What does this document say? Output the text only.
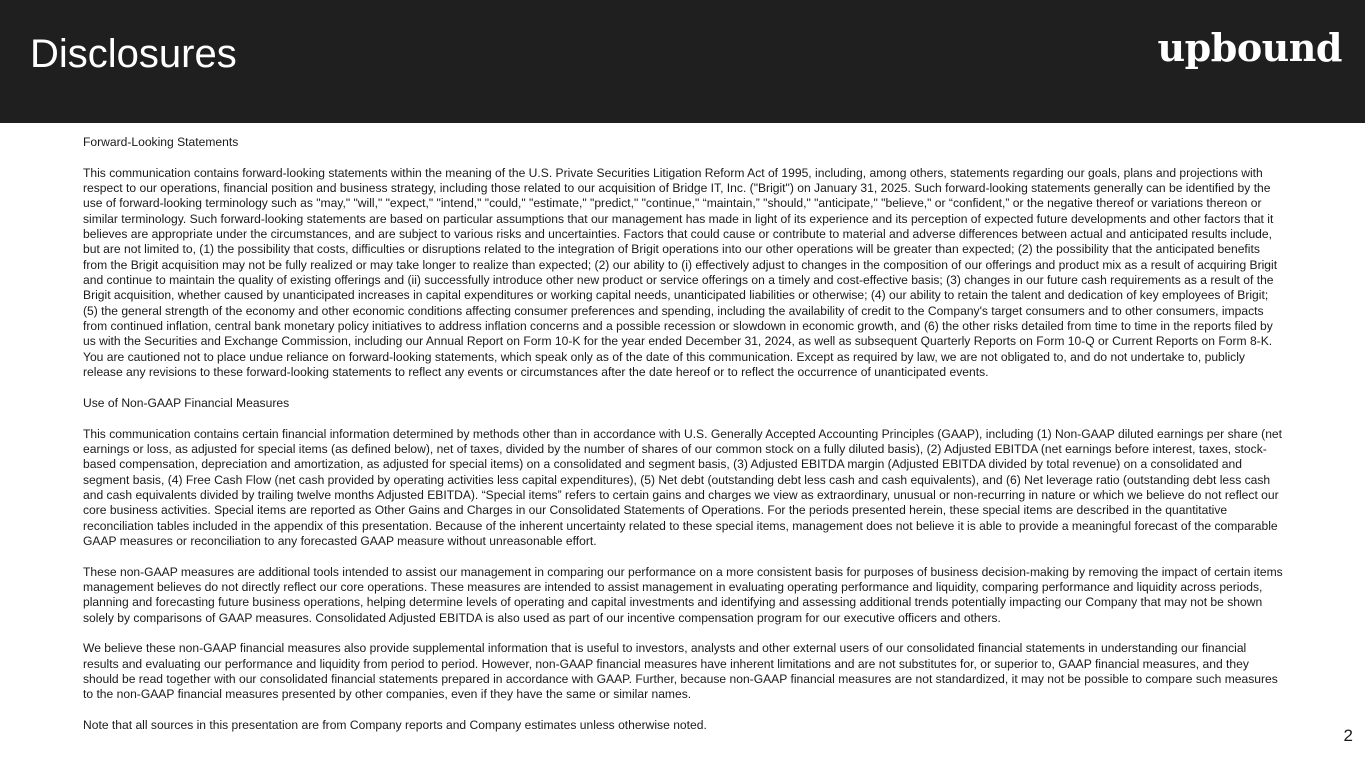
Disclosures	upbound

Forward-Looking Statements

This communication contains forward-looking statements within the meaning of the U.S. Private Securities Litigation Reform Act of 1995, including, among others, statements regarding our goals, plans and projections with respect to our operations, financial position and business strategy, including those related to our acquisition of Bridge IT, Inc. ("Brigit") on January 31, 2025. Such forward-looking statements generally can be identified by the use of forward-looking terminology such as "may," "will," "expect," "intend," "could," "estimate," "predict," "continue," “maintain,” "should," "anticipate," "believe," or “confident,” or the negative thereof or variations thereon or similar terminology. Such forward-looking statements are based on particular assumptions that our management has made in light of its experience and its perception of expected future developments and other factors that it believes are appropriate under the circumstances, and are subject to various risks and uncertainties. Factors that could cause or contribute to material and adverse differences between actual and anticipated results include, but are not limited to, (1) the possibility that costs, difficulties or disruptions related to the integration of Brigit operations into our other operations will be greater than expected; (2) the possibility that the anticipated benefits from the Brigit acquisition may not be fully realized or may take longer to realize than expected; (2) our ability to (i) effectively adjust to changes in the composition of our offerings and product mix as a result of acquiring Brigit and continue to maintain the quality of existing offerings and (ii) successfully introduce other new product or service offerings on a timely and cost-effective basis; (3) changes in our future cash requirements as a result of the Brigit acquisition, whether caused by unanticipated increases in capital expenditures or working capital needs, unanticipated liabilities or otherwise; (4) our ability to retain the talent and dedication of key employees of Brigit; (5) the general strength of the economy and other economic conditions affecting consumer preferences and spending, including the availability of credit to the Company's target consumers and to other consumers, impacts from continued inflation, central bank monetary policy initiatives to address inflation concerns and a possible recession or slowdown in economic growth, and (6) the other risks detailed from time to time in the reports filed by us with the Securities and Exchange Commission, including our Annual Report on Form 10-K for the year ended December 31, 2024, as well as subsequent Quarterly Reports on Form 10-Q or Current Reports on Form 8-K. You are cautioned not to place undue reliance on forward-looking statements, which speak only as of the date of this communication. Except as required by law, we are not obligated to, and do not undertake to, publicly release any revisions to these forward-looking statements to reflect any events or circumstances after the date hereof or to reflect the occurrence of unanticipated events.

Use of Non-GAAP Financial Measures

This communication contains certain financial information determined by methods other than in accordance with U.S. Generally Accepted Accounting Principles (GAAP), including (1) Non-GAAP diluted earnings per share (net earnings or loss, as adjusted for special items (as defined below), net of taxes, divided by the number of shares of our common stock on a fully diluted basis), (2) Adjusted EBITDA (net earnings before interest, taxes, stock-based compensation, depreciation and amortization, as adjusted for special items) on a consolidated and segment basis, (3) Adjusted EBITDA margin (Adjusted EBITDA divided by total revenue) on a consolidated and segment basis, (4) Free Cash Flow (net cash provided by operating activities less capital expenditures), (5) Net debt (outstanding debt less cash and cash equivalents), and (6) Net leverage ratio (outstanding debt less cash and cash equivalents divided by trailing twelve months Adjusted EBITDA). “Special items” refers to certain gains and charges we view as extraordinary, unusual or non-recurring in nature or which we believe do not reflect our core business activities. Special items are reported as Other Gains and Charges in our Consolidated Statements of Operations. For the periods presented herein, these special items are described in the quantitative reconciliation tables included in the appendix of this presentation. Because of the inherent uncertainty related to these special items, management does not believe it is able to provide a meaningful forecast of the comparable GAAP measures or reconciliation to any forecasted GAAP measure without unreasonable effort.

These non-GAAP measures are additional tools intended to assist our management in comparing our performance on a more consistent basis for purposes of business decision-making by removing the impact of certain items management believes do not directly reflect our core operations. These measures are intended to assist management in evaluating operating performance and liquidity, comparing performance and liquidity across periods, planning and forecasting future business operations, helping determine levels of operating and capital investments and identifying and assessing additional trends potentially impacting our Company that may not be shown solely by comparisons of GAAP measures. Consolidated Adjusted EBITDA is also used as part of our incentive compensation program for our executive officers and others.

We believe these non-GAAP financial measures also provide supplemental information that is useful to investors, analysts and other external users of our consolidated financial statements in understanding our financial results and evaluating our performance and liquidity from period to period. However, non-GAAP financial measures have inherent limitations and are not substitutes for, or superior to, GAAP financial measures, and they should be read together with our consolidated financial statements prepared in accordance with GAAP. Further, because non-GAAP financial measures are not standardized, it may not be possible to compare such measures to the non-GAAP financial measures presented by other companies, even if they have the same or similar names.

Note that all sources in this presentation are from Company reports and Company estimates unless otherwise noted.

2
